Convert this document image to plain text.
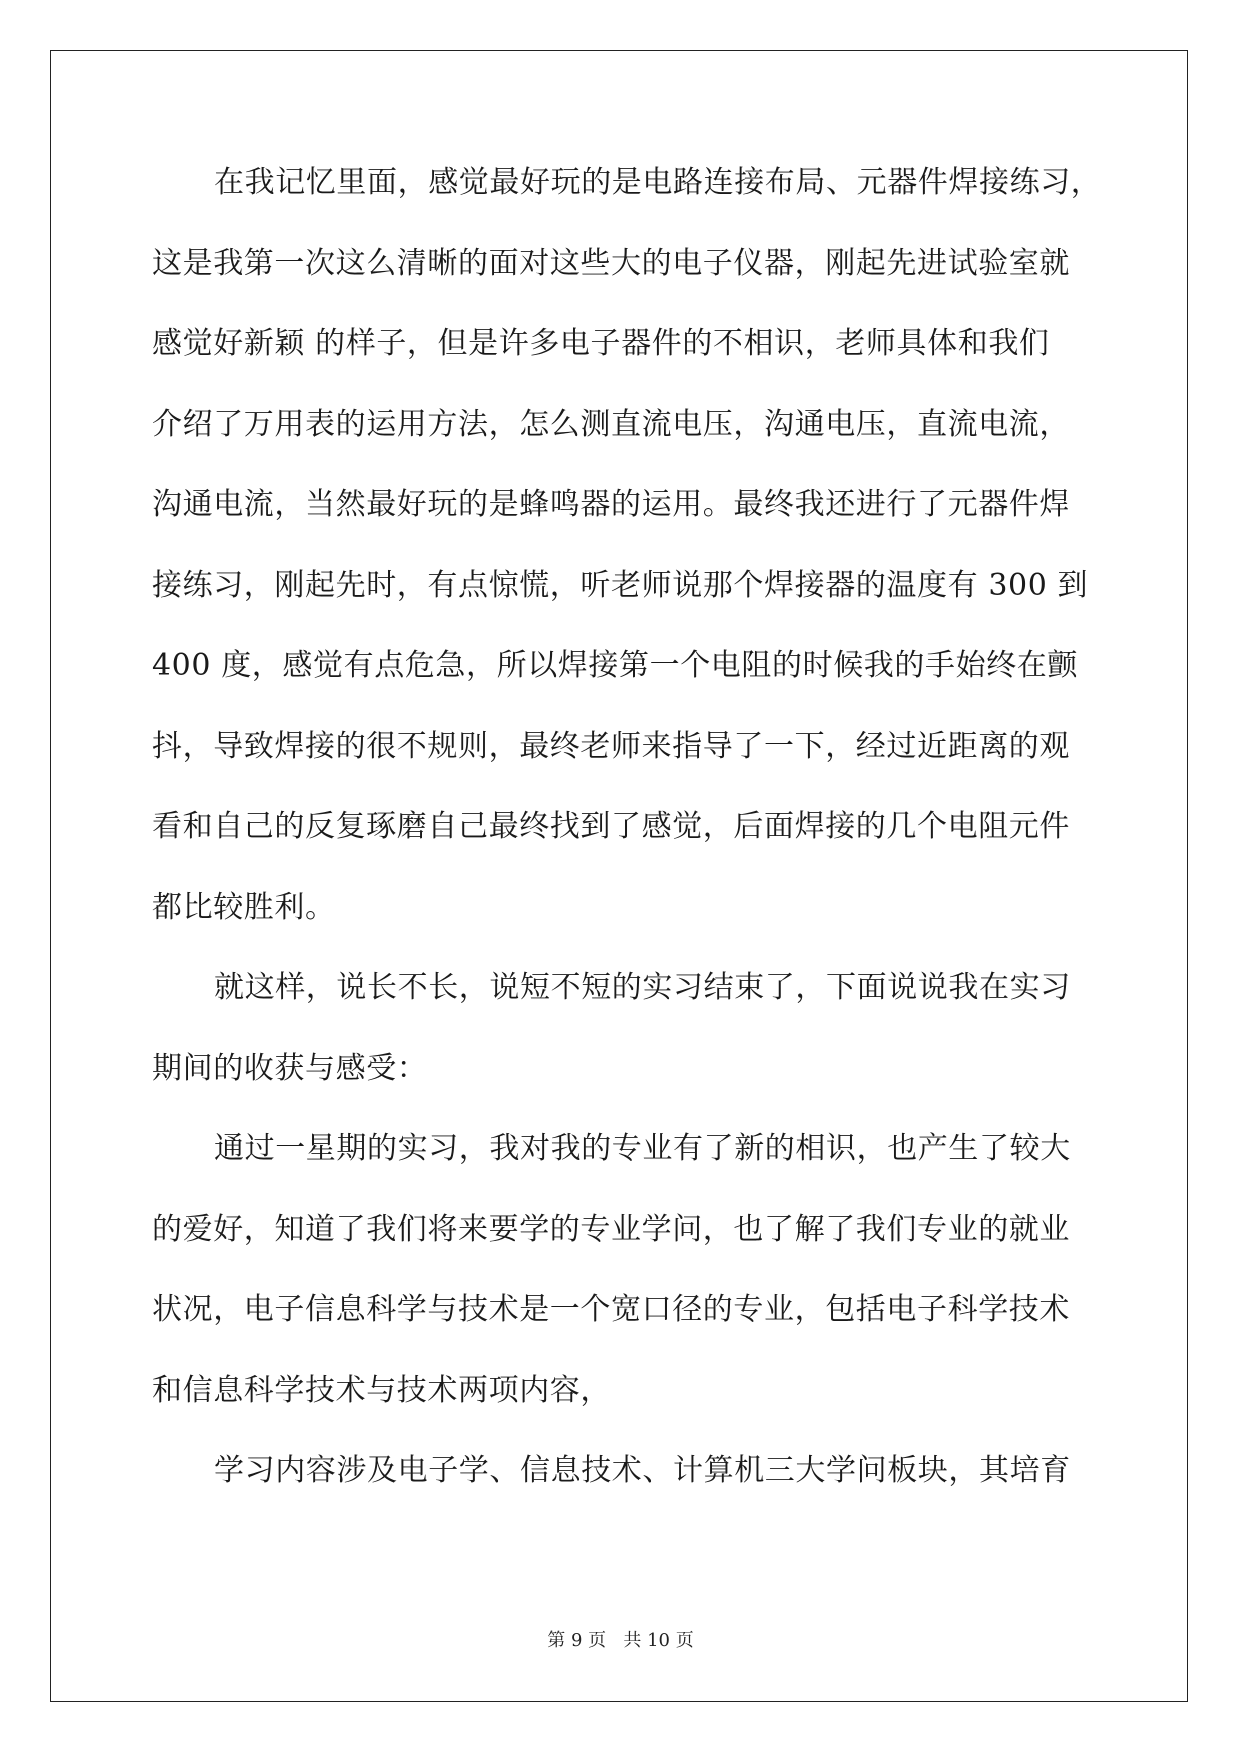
在我记忆里面，感觉最好玩的是电路连接布局、元器件焊接练习，
这是我第一次这么清晰的面对这些大的电子仪器，刚起先进试验室就
感觉好新颖 的样子，但是许多电子器件的不相识，老师具体和我们
介绍了万用表的运用方法，怎么测直流电压，沟通电压，直流电流，
沟通电流，当然最好玩的是蜂鸣器的运用。最终我还进行了元器件焊
接练习，刚起先时，有点惊慌，听老师说那个焊接器的温度有 300 到
400 度，感觉有点危急，所以焊接第一个电阻的时候我的手始终在颤
抖，导致焊接的很不规则，最终老师来指导了一下，经过近距离的观
看和自己的反复琢磨自己最终找到了感觉，后面焊接的几个电阻元件
都比较胜利。
就这样，说长不长，说短不短的实习结束了，下面说说我在实习
期间的收获与感受：
通过一星期的实习，我对我的专业有了新的相识，也产生了较大
的爱好，知道了我们将来要学的专业学问，也了解了我们专业的就业
状况，电子信息科学与技术是一个宽口径的专业，包括电子科学技术
和信息科学技术与技术两项内容，
学习内容涉及电子学、信息技术、计算机三大学问板块，其培育
第 9 页   共 10 页
